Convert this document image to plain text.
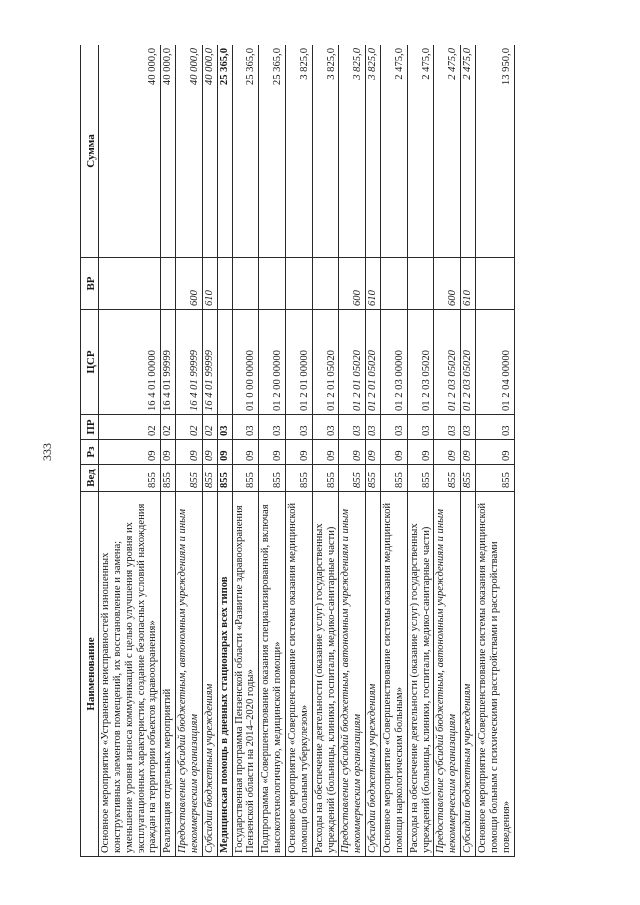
333
Наименование	Вед	Рз	ПР	ЦСР	ВР	Сумма
Основное мероприятие «Устранение неисправностей изношенных конструктивных элементов помещений, их восстановление и замена; уменьшение уровня износа коммуникаций с целью улучшения уровня их эксплуатационных характеристик, создание безопасных условий нахождения граждан на территории объектов здравоохранения»	855	09	02	16 4 01 00000		40 000,0
Реализация отдельных мероприятий	855	09	02	16 4 01 99999		40 000,0
Предоставление субсидий бюджетным, автономным учреждениям и иным некоммерческим организациям	855	09	02	16 4 01 99999	600	40 000,0
Субсидии бюджетным учреждениям	855	09	02	16 4 01 99999	610	40 000,0
Медицинская помощь в дневных стационарах всех типов	855	09	03			25 365,0
Государственная программа Пензенской области «Развитие здравоохранения Пензенской области на 2014–2020 годы»	855	09	03	01 0 00 00000		25 365,0
Подпрограмма «Совершенствование оказания специализированной, включая высокотехнологичную, медицинской помощи»	855	09	03	01 2 00 00000		25 365,0
Основное мероприятие «Совершенствование системы оказания медицинской помощи больным туберкулезом»	855	09	03	01 2 01 00000		3 825,0
Расходы на обеспечение деятельности (оказание услуг) государственных учреждений (больницы, клиники, госпитали, медико-санитарные части)	855	09	03	01 2 01 05020		3 825,0
Предоставление субсидий бюджетным, автономным учреждениям и иным некоммерческим организациям	855	09	03	01 2 01 05020	600	3 825,0
Субсидии бюджетным учреждениям	855	09	03	01 2 01 05020	610	3 825,0
Основное мероприятие «Совершенствование системы оказания медицинской помощи наркологическим больным»	855	09	03	01 2 03 00000		2 475,0
Расходы на обеспечение деятельности (оказание услуг) государственных учреждений (больницы, клиники, госпитали, медико-санитарные части)	855	09	03	01 2 03 05020		2 475,0
Предоставление субсидий бюджетным, автономным учреждениям и иным некоммерческим организациям	855	09	03	01 2 03 05020	600	2 475,0
Субсидии бюджетным учреждениям	855	09	03	01 2 03 05020	610	2 475,0
Основное мероприятие «Совершенствование системы оказания медицинской помощи больным с психическими расстройствами и расстройствами поведения»	855	09	03	01 2 04 00000		13 950,0
